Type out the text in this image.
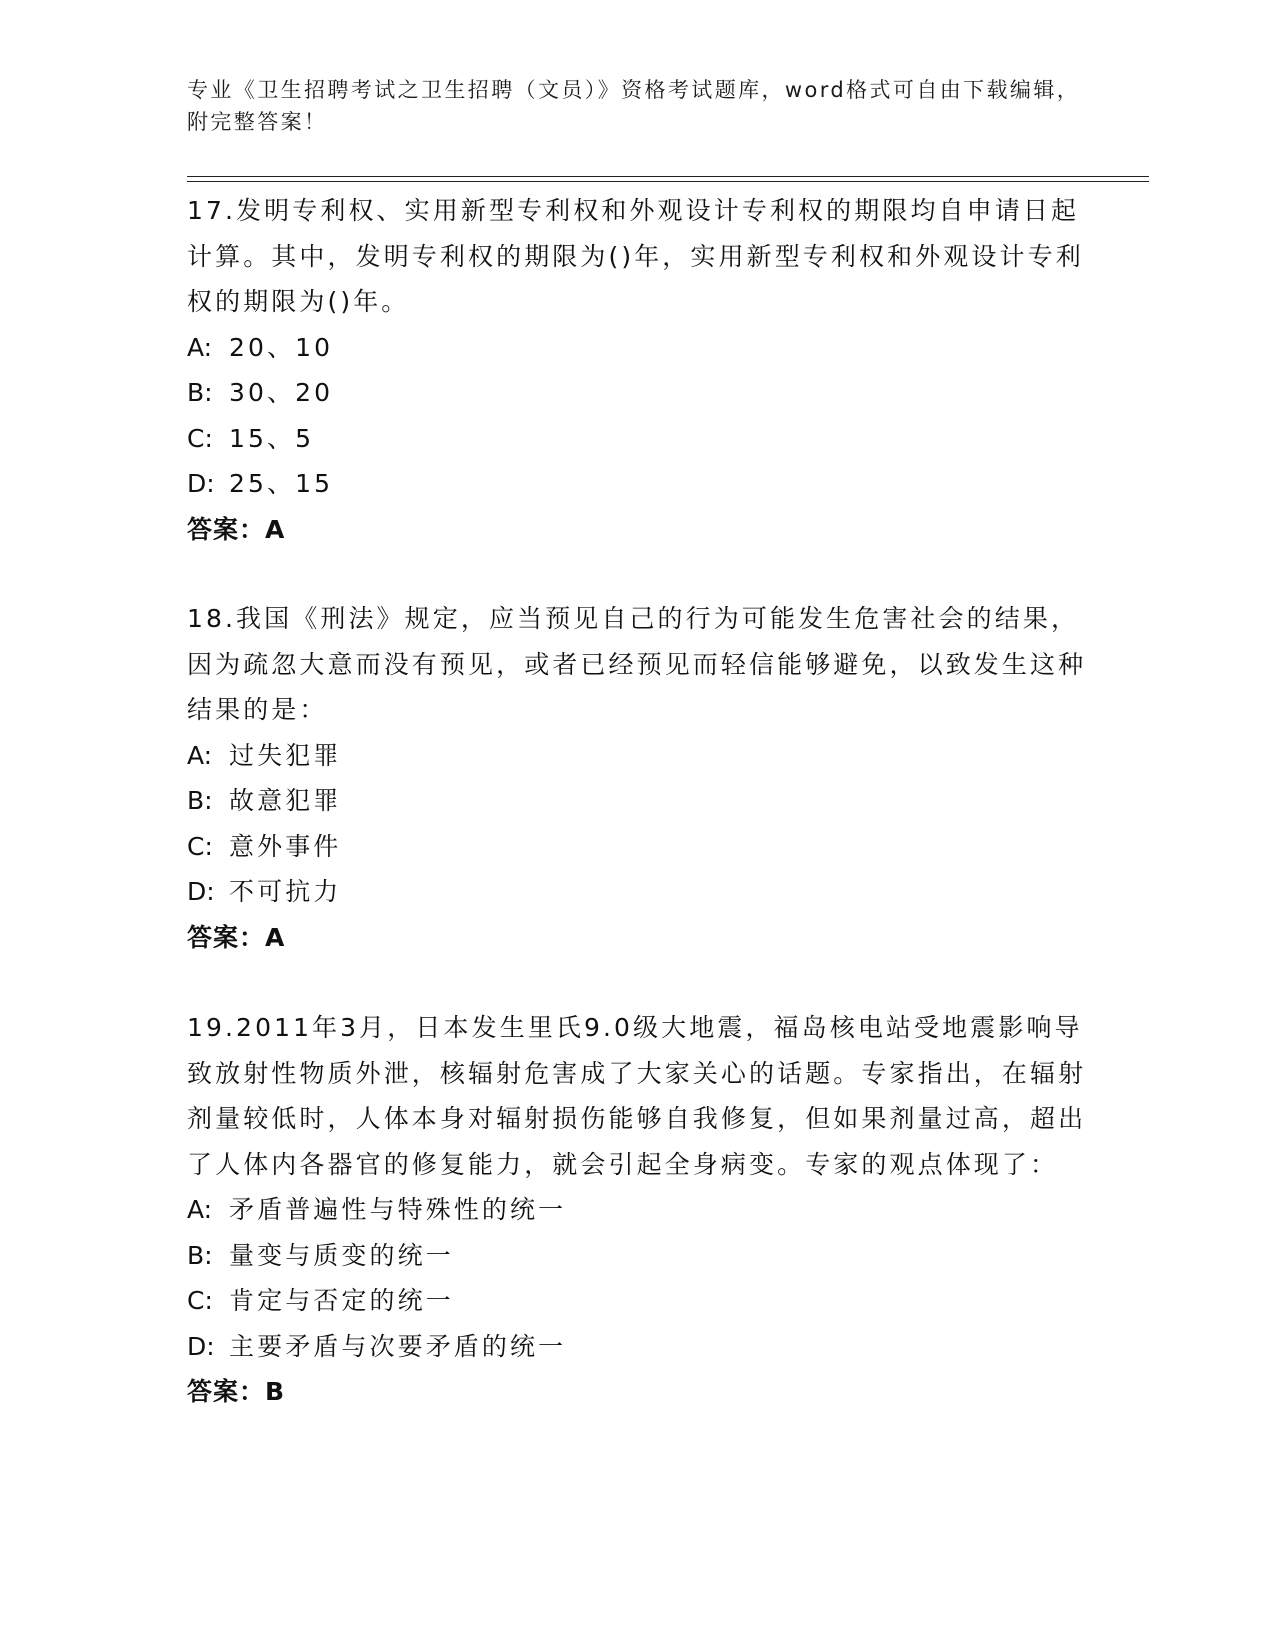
专业《卫生招聘考试之卫生招聘（文员）》资格考试题库，word格式可自由下载编辑，附完整答案！

17.发明专利权、实用新型专利权和外观设计专利权的期限均自申请日起计算。其中，发明专利权的期限为()年，实用新型专利权和外观设计专利权的期限为()年。

A: 20、10

B: 30、20

C: 15、5

D: 25、15

答案：A

18.我国《刑法》规定，应当预见自己的行为可能发生危害社会的结果，因为疏忽大意而没有预见，或者已经预见而轻信能够避免，以致发生这种结果的是：

A: 过失犯罪

B: 故意犯罪

C: 意外事件

D: 不可抗力

答案：A

19.2011年3月，日本发生里氏9.0级大地震，福岛核电站受地震影响导致放射性物质外泄，核辐射危害成了大家关心的话题。专家指出，在辐射剂量较低时，人体本身对辐射损伤能够自我修复，但如果剂量过高，超出了人体内各器官的修复能力，就会引起全身病变。专家的观点体现了：

A: 矛盾普遍性与特殊性的统一

B: 量变与质变的统一

C: 肯定与否定的统一

D: 主要矛盾与次要矛盾的统一

答案：B
